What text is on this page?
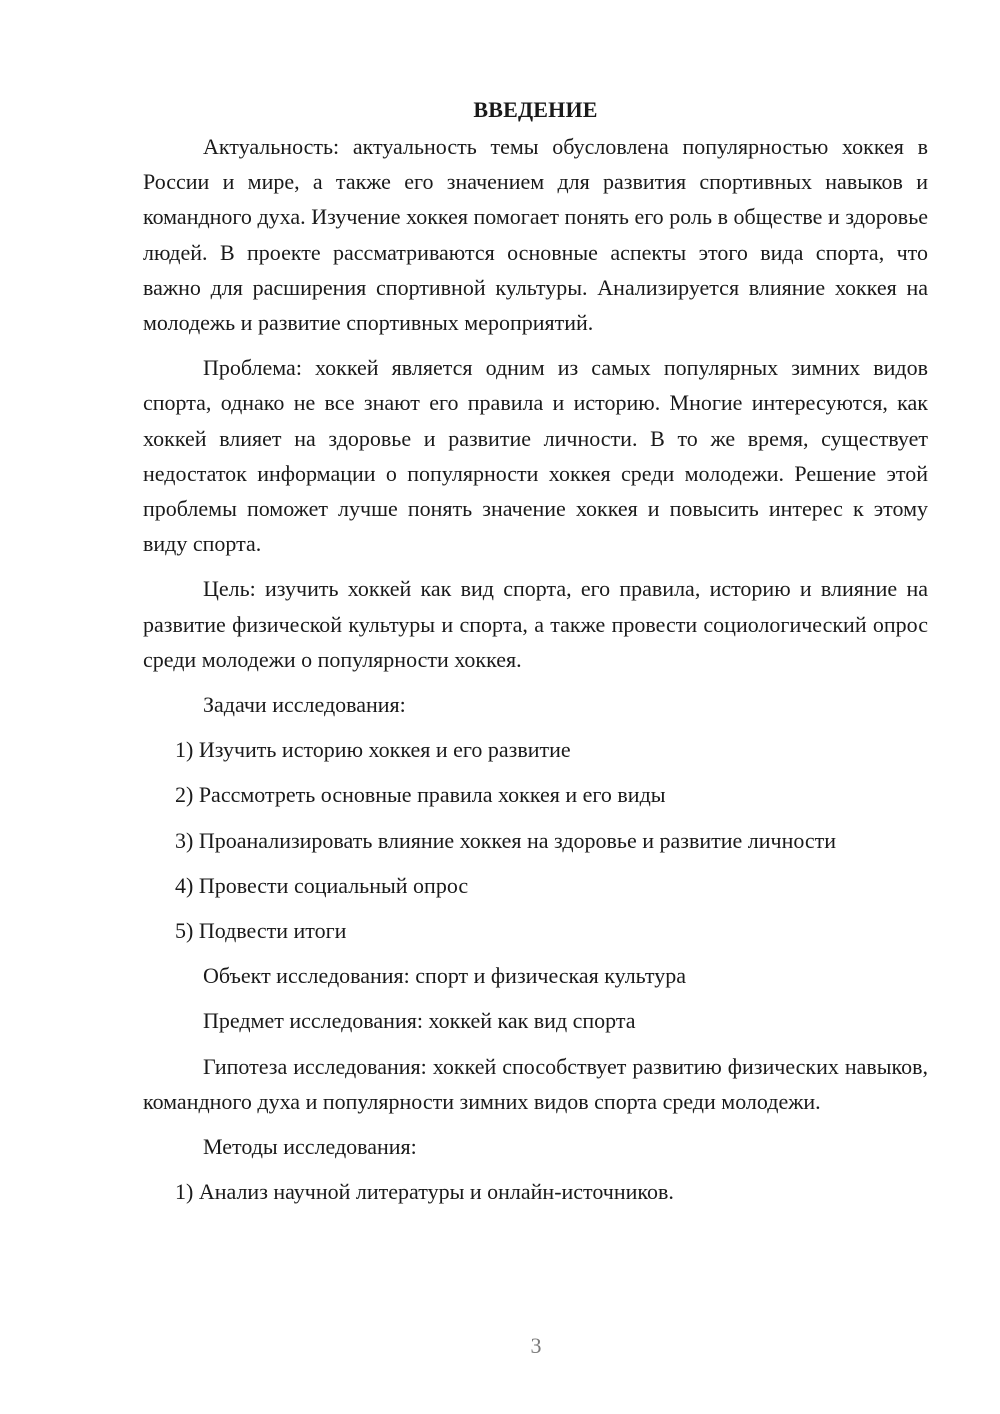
ВВЕДЕНИЕ

Актуальность: актуальность темы обусловлена популярностью хоккея в России и мире, а также его значением для развития спортивных навыков и командного духа. Изучение хоккея помогает понять его роль в обществе и здоровье людей. В проекте рассматриваются основные аспекты этого вида спорта, что важно для расширения спортивной культуры. Анализируется влияние хоккея на молодежь и развитие спортивных мероприятий.

Проблема: хоккей является одним из самых популярных зимних видов спорта, однако не все знают его правила и историю. Многие интересуются, как хоккей влияет на здоровье и развитие личности. В то же время, существует недостаток информации о популярности хоккея среди молодежи. Решение этой проблемы поможет лучше понять значение хоккея и повысить интерес к этому виду спорта.

Цель: изучить хоккей как вид спорта, его правила, историю и влияние на развитие физической культуры и спорта, а также провести социологический опрос среди молодежи о популярности хоккея.

Задачи исследования:

1) Изучить историю хоккея и его развитие

2) Рассмотреть основные правила хоккея и его виды

3) Проанализировать влияние хоккея на здоровье и развитие личности

4) Провести социальный опрос

5) Подвести итоги

Объект исследования: спорт и физическая культура

Предмет исследования: хоккей как вид спорта

Гипотеза исследования: хоккей способствует развитию физических навыков, командного духа и популярности зимних видов спорта среди молодежи.

Методы исследования:

1) Анализ научной литературы и онлайн-источников.

3
